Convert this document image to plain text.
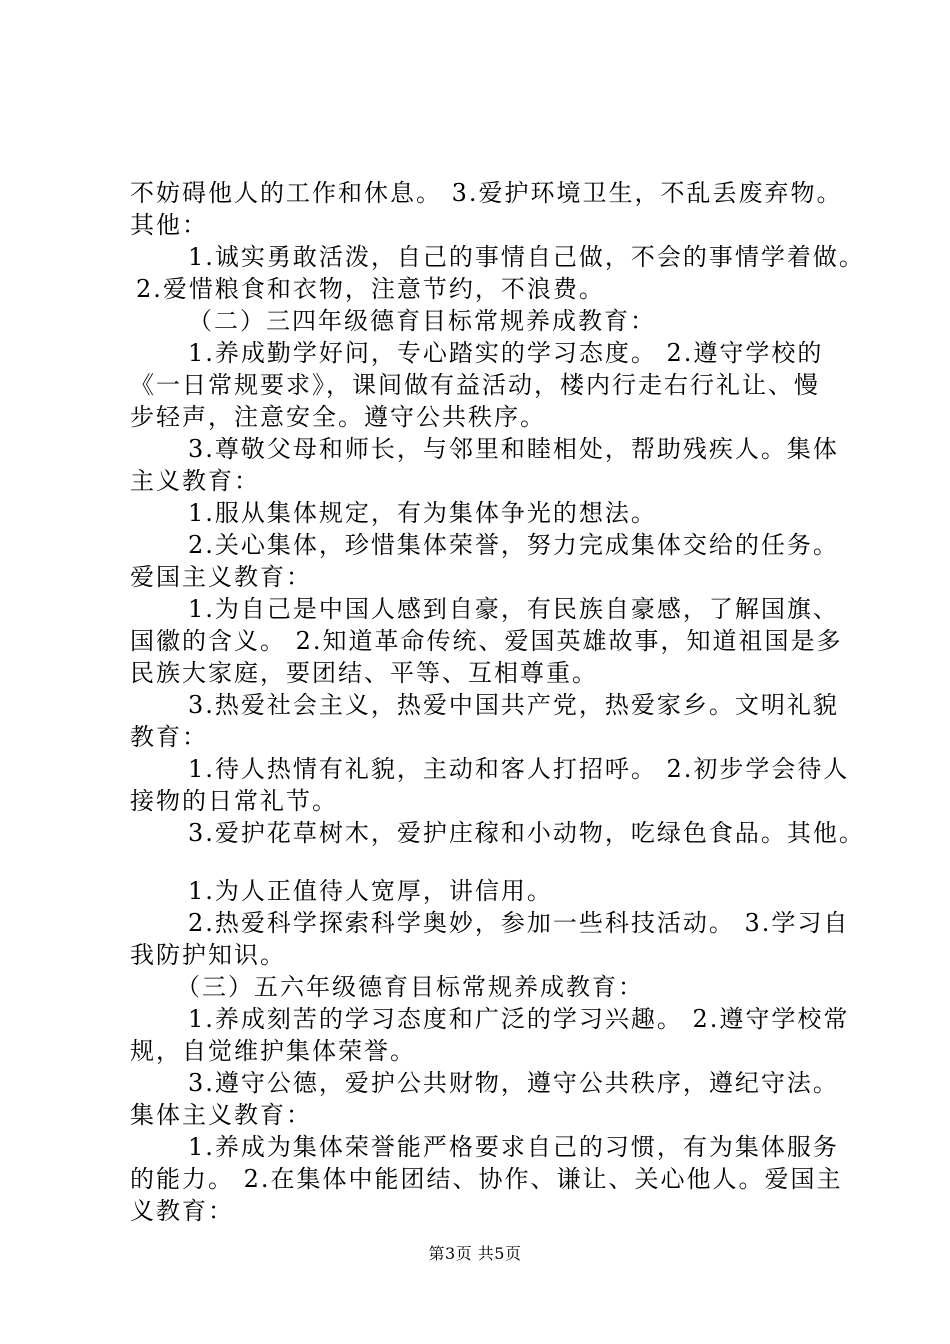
不妨碍他人的工作和休息。 3.爱护环境卫生，不乱丢废弃物。

其他：

1.诚实勇敢活泼，自己的事情自己做，不会的事情学着做。

2.爱惜粮食和衣物，注意节约，不浪费。

（二）三四年级德育目标常规养成教育：

1.养成勤学好问，专心踏实的学习态度。 2.遵守学校的

《一日常规要求》，课间做有益活动，楼内行走右行礼让、慢

步轻声，注意安全。遵守公共秩序。

3.尊敬父母和师长，与邻里和睦相处，帮助残疾人。集体

主义教育：

1.服从集体规定，有为集体争光的想法。

2.关心集体，珍惜集体荣誉，努力完成集体交给的任务。

爱国主义教育：

1.为自己是中国人感到自豪，有民族自豪感，了解国旗、

国徽的含义。 2.知道革命传统、爱国英雄故事，知道祖国是多

民族大家庭，要团结、平等、互相尊重。

3.热爱社会主义，热爱中国共产党，热爱家乡。文明礼貌

教育：

1.待人热情有礼貌，主动和客人打招呼。 2.初步学会待人

接物的日常礼节。

3.爱护花草树木，爱护庄稼和小动物，吃绿色食品。其他。

1.为人正值待人宽厚，讲信用。

2.热爱科学探索科学奥妙，参加一些科技活动。 3.学习自

我防护知识。

（三）五六年级德育目标常规养成教育：

1.养成刻苦的学习态度和广泛的学习兴趣。 2.遵守学校常

规，自觉维护集体荣誉。

3.遵守公德，爱护公共财物，遵守公共秩序，遵纪守法。

集体主义教育：

1.养成为集体荣誉能严格要求自己的习惯，有为集体服务

的能力。 2.在集体中能团结、协作、谦让、关心他人。爱国主

义教育：

第3页 共5页
